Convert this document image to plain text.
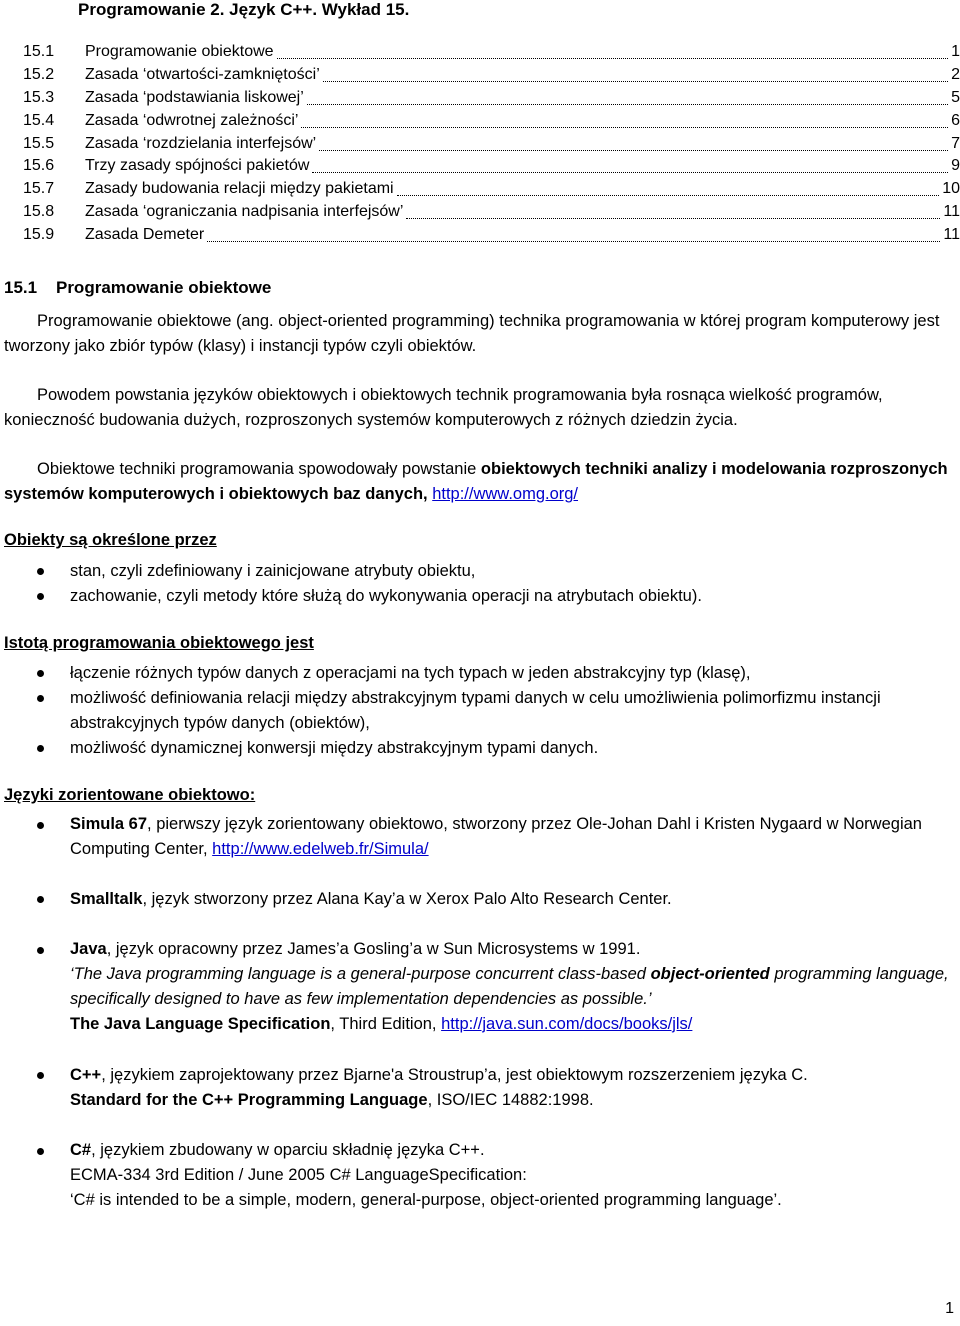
Programowanie 2. Język C++. Wykład 15.
15.1 Programowanie obiektowe	1
15.2 Zasada ‘otwartości-zamkniętości’	2
15.3 Zasada ‘podstawiania liskowej’	5
15.4 Zasada ‘odwrotnej zależności’	6
15.5 Zasada ‘rozdzielania interfejsów’	7
15.6 Trzy zasady spójności pakietów	9
15.7 Zasady budowania relacji między pakietami	10
15.8 Zasada ‘ograniczania nadpisania interfejsów’	11
15.9 Zasada Demeter	11
15.1    Programowanie obiektowe
Programowanie obiektowe (ang. object-oriented programming) technika programowania w której program komputerowy jest tworzony jako zbiór typów (klasy) i instancji typów czyli obiektów.
Powodem powstania języków obiektowych i obiektowych technik programowania była rosnąca wielkość programów, konieczność budowania dużych, rozproszonych systemów komputerowych z różnych dziedzin życia.
Obiektowe techniki programowania spowodowały powstanie obiektowych techniki analizy i modelowania rozproszonych systemów komputerowych i obiektowych baz danych, http://www.omg.org/
Obiekty są określone przez
stan, czyli zdefiniowany i zainicjowane atrybuty obiektu,
zachowanie, czyli metody które służą do wykonywania operacji na atrybutach obiektu).
Istotą programowania obiektowego jest
łączenie różnych typów danych z operacjami na tych typach w jeden abstrakcyjny typ (klasę),
możliwość definiowania relacji między abstrakcyjnym typami danych w celu umożliwienia polimorfizmu instancji abstrakcyjnych typów danych (obiektów),
możliwość dynamicznej konwersji między abstrakcyjnym typami danych.
Języki zorientowane obiektowo:
Simula 67, pierwszy język zorientowany obiektowo, stworzony przez Ole-Johan Dahl i Kristen Nygaard w Norwegian Computing Center, http://www.edelweb.fr/Simula/
Smalltalk, język stworzony przez Alana Kay’a w Xerox Palo Alto Research Center.
Java, język opracowny przez James’a Gosling’a w Sun Microsystems w 1991.
‘The Java programming language is a general-purpose concurrent class-based object-oriented programming language, specifically designed to have as few implementation dependencies as possible.’
The Java Language Specification, Third Edition, http://java.sun.com/docs/books/jls/
C++, językiem zaprojektowany przez Bjarne'a Stroustrup’a, jest obiektowym rozszerzeniem języka C.
Standard for the C++ Programming Language, ISO/IEC 14882:1998.
C#, językiem zbudowany w oparciu składnię języka C++.
ECMA-334 3rd Edition / June 2005 C# LanguageSpecification:
‘C# is intended to be a simple, modern, general-purpose, object-oriented programming language’.
1
